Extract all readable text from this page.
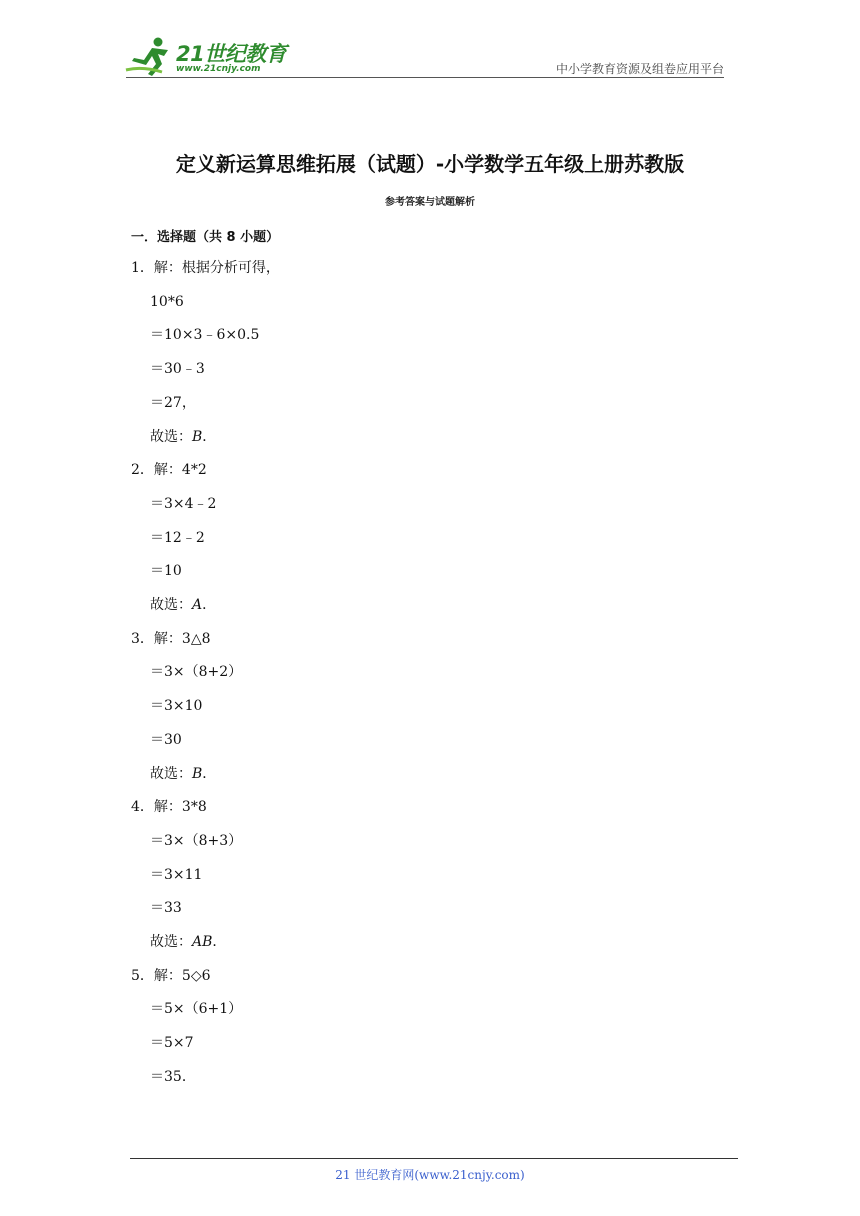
21世纪教育
www.21cnjy.com	中小学教育资源及组卷应用平台
定义新运算思维拓展（试题）-小学数学五年级上册苏教版
参考答案与试题解析
一．选择题（共 8 小题）
1．解：根据分析可得，
10*6
＝10×3﹣6×0.5
＝30﹣3
＝27，
故选：B．
2．解：4*2
＝3×4﹣2
＝12﹣2
＝10
故选：A．
3．解：3△8
＝3×（8+2）
＝3×10
＝30
故选：B．
4．解：3*8
＝3×（8+3）
＝3×11
＝33
故选：AB．
5．解：5◇6
＝5×（6+1）
＝5×7
＝35．
21 世纪教育网(www.21cnjy.com)
